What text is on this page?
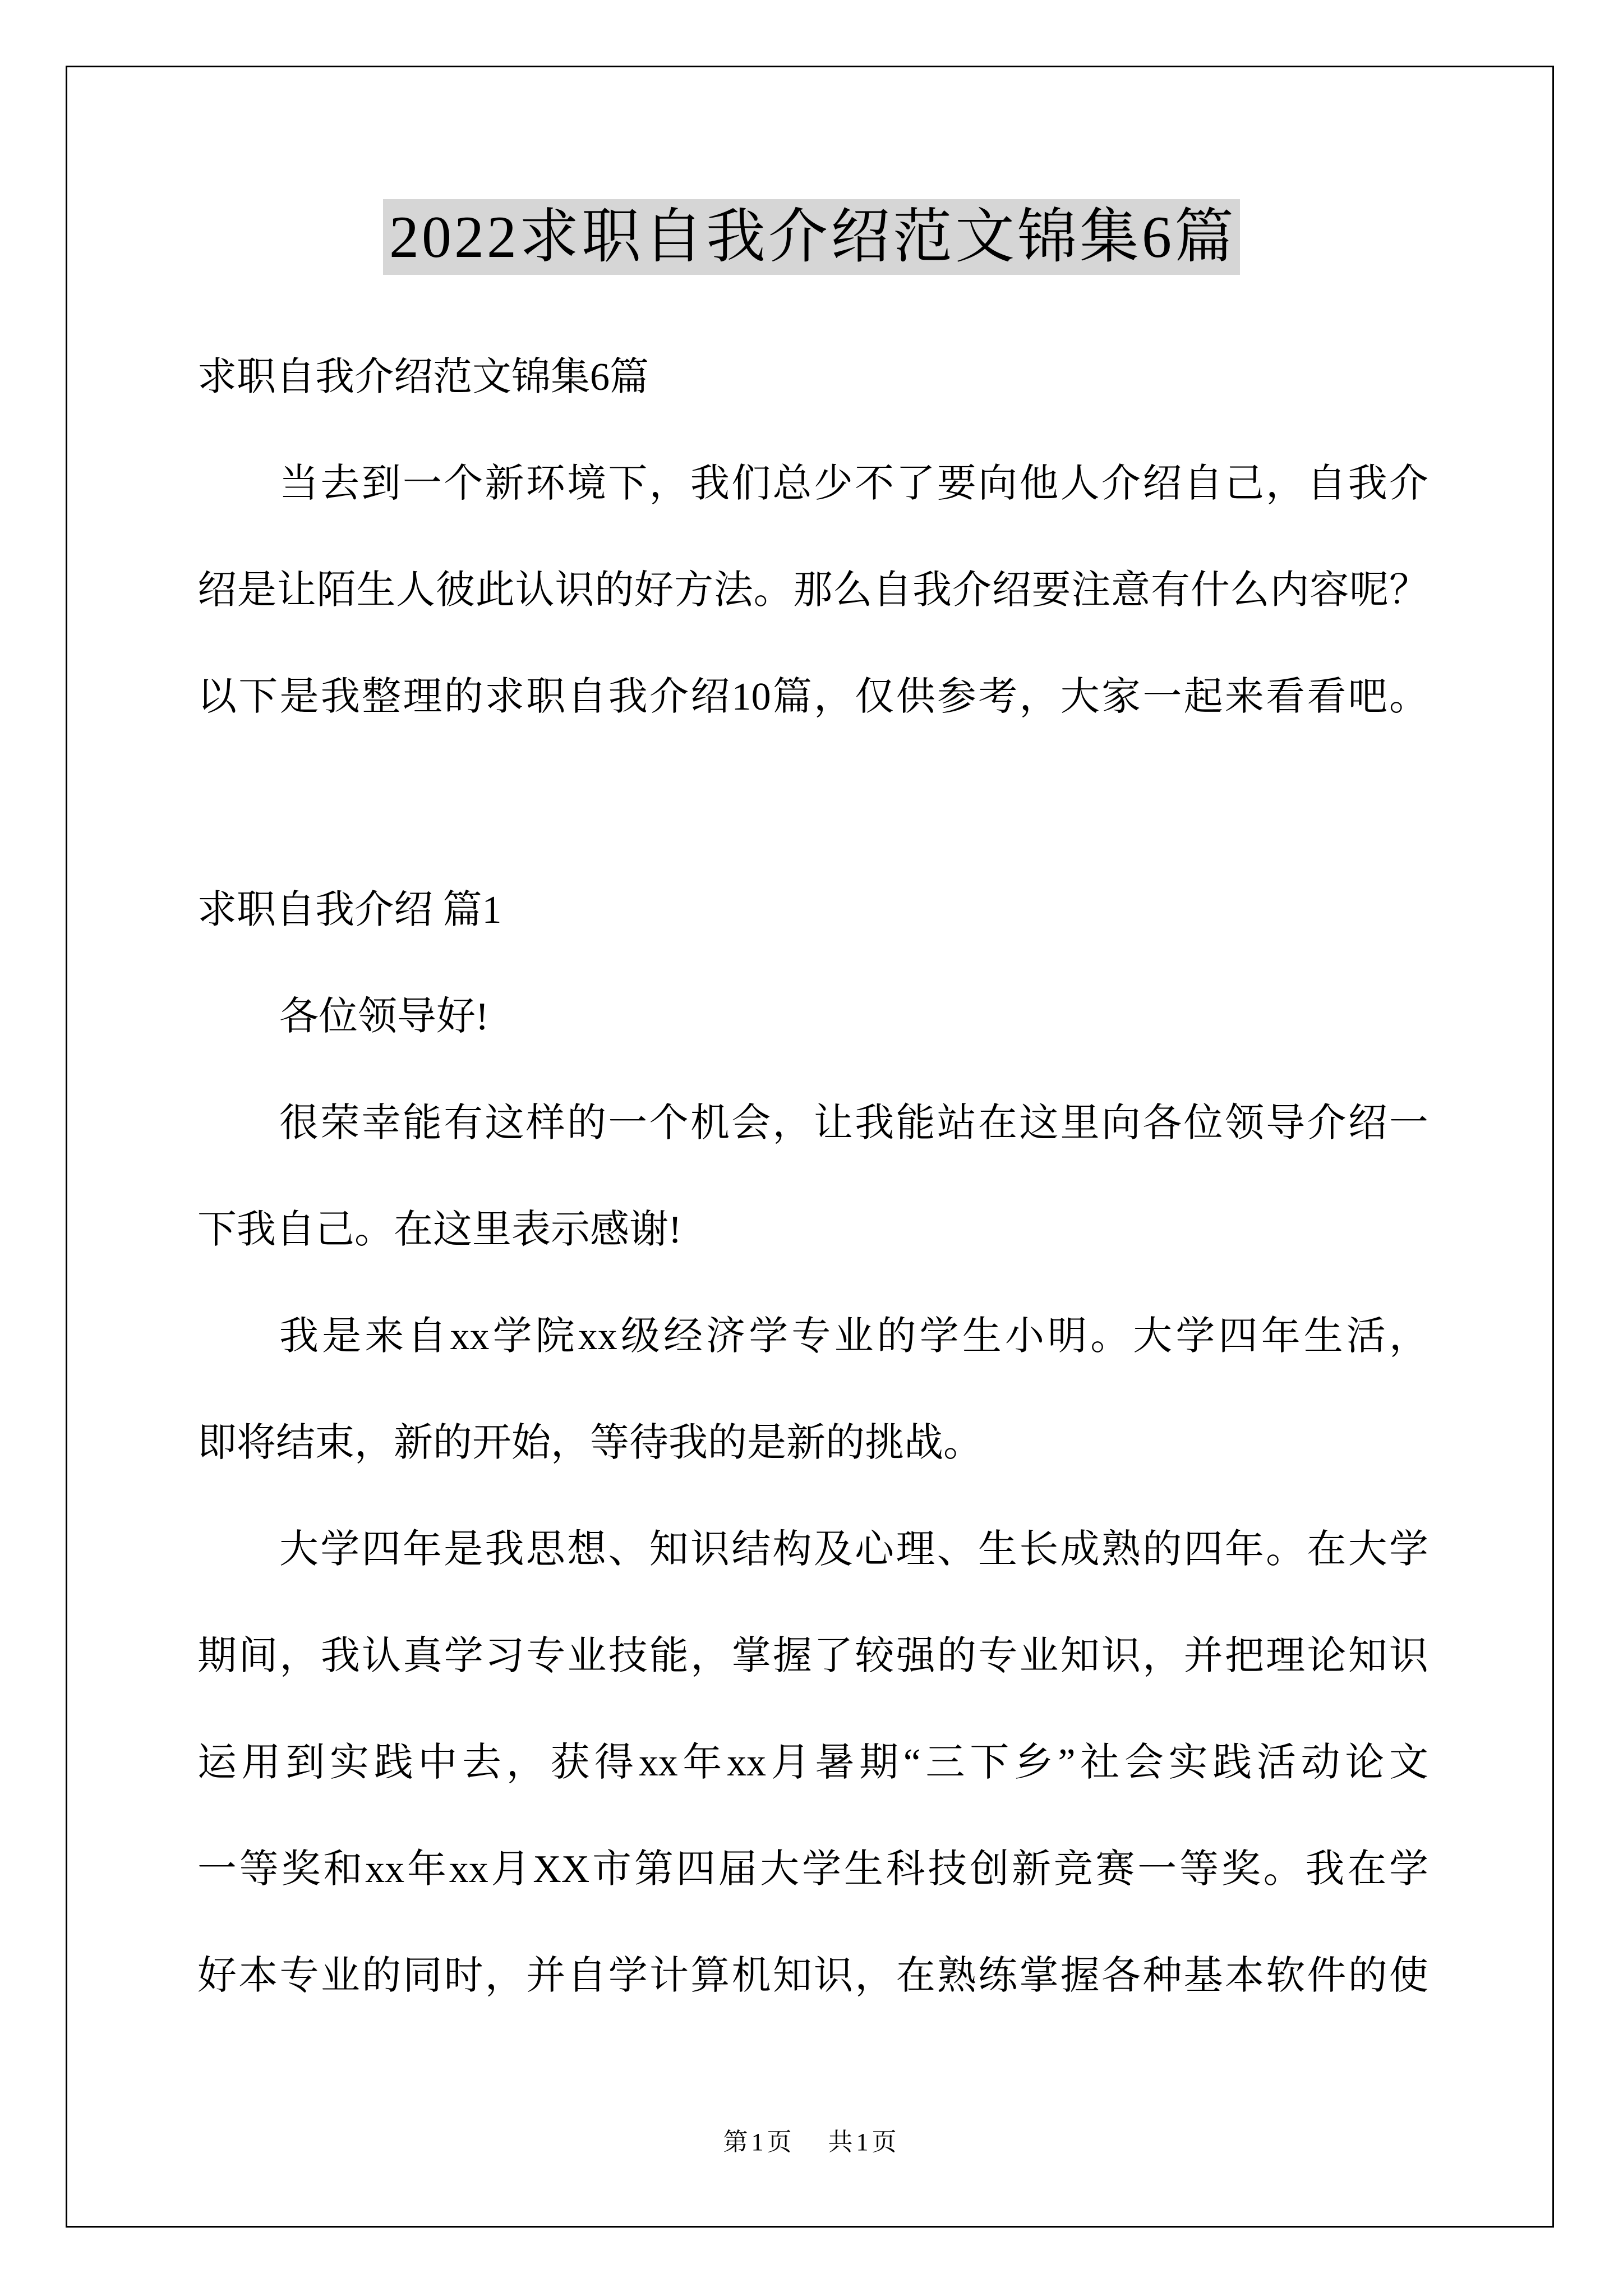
2022求职自我介绍范文锦集6篇
求职自我介绍范文锦集6篇
当去到一个新环境下，我们总少不了要向他人介绍自己，自我介
绍是让陌生人彼此认识的好方法。那么自我介绍要注意有什么内容呢？
以下是我整理的求职自我介绍10篇，仅供参考，大家一起来看看吧。
求职自我介绍 篇1
各位领导好!
很荣幸能有这样的一个机会，让我能站在这里向各位领导介绍一
下我自己。在这里表示感谢!
我是来自xx学院xx级经济学专业的学生小明。大学四年生活，
即将结束，新的开始，等待我的是新的挑战。
大学四年是我思想、知识结构及心理、生长成熟的四年。在大学
期间，我认真学习专业技能，掌握了较强的专业知识，并把理论知识
运用到实践中去，获得xx年xx月暑期“三下乡”社会实践活动论文
一等奖和xx年xx月XX市第四届大学生科技创新竞赛一等奖。我在学
好本专业的同时，并自学计算机知识，在熟练掌握各种基本软件的使
第1页 共1页
